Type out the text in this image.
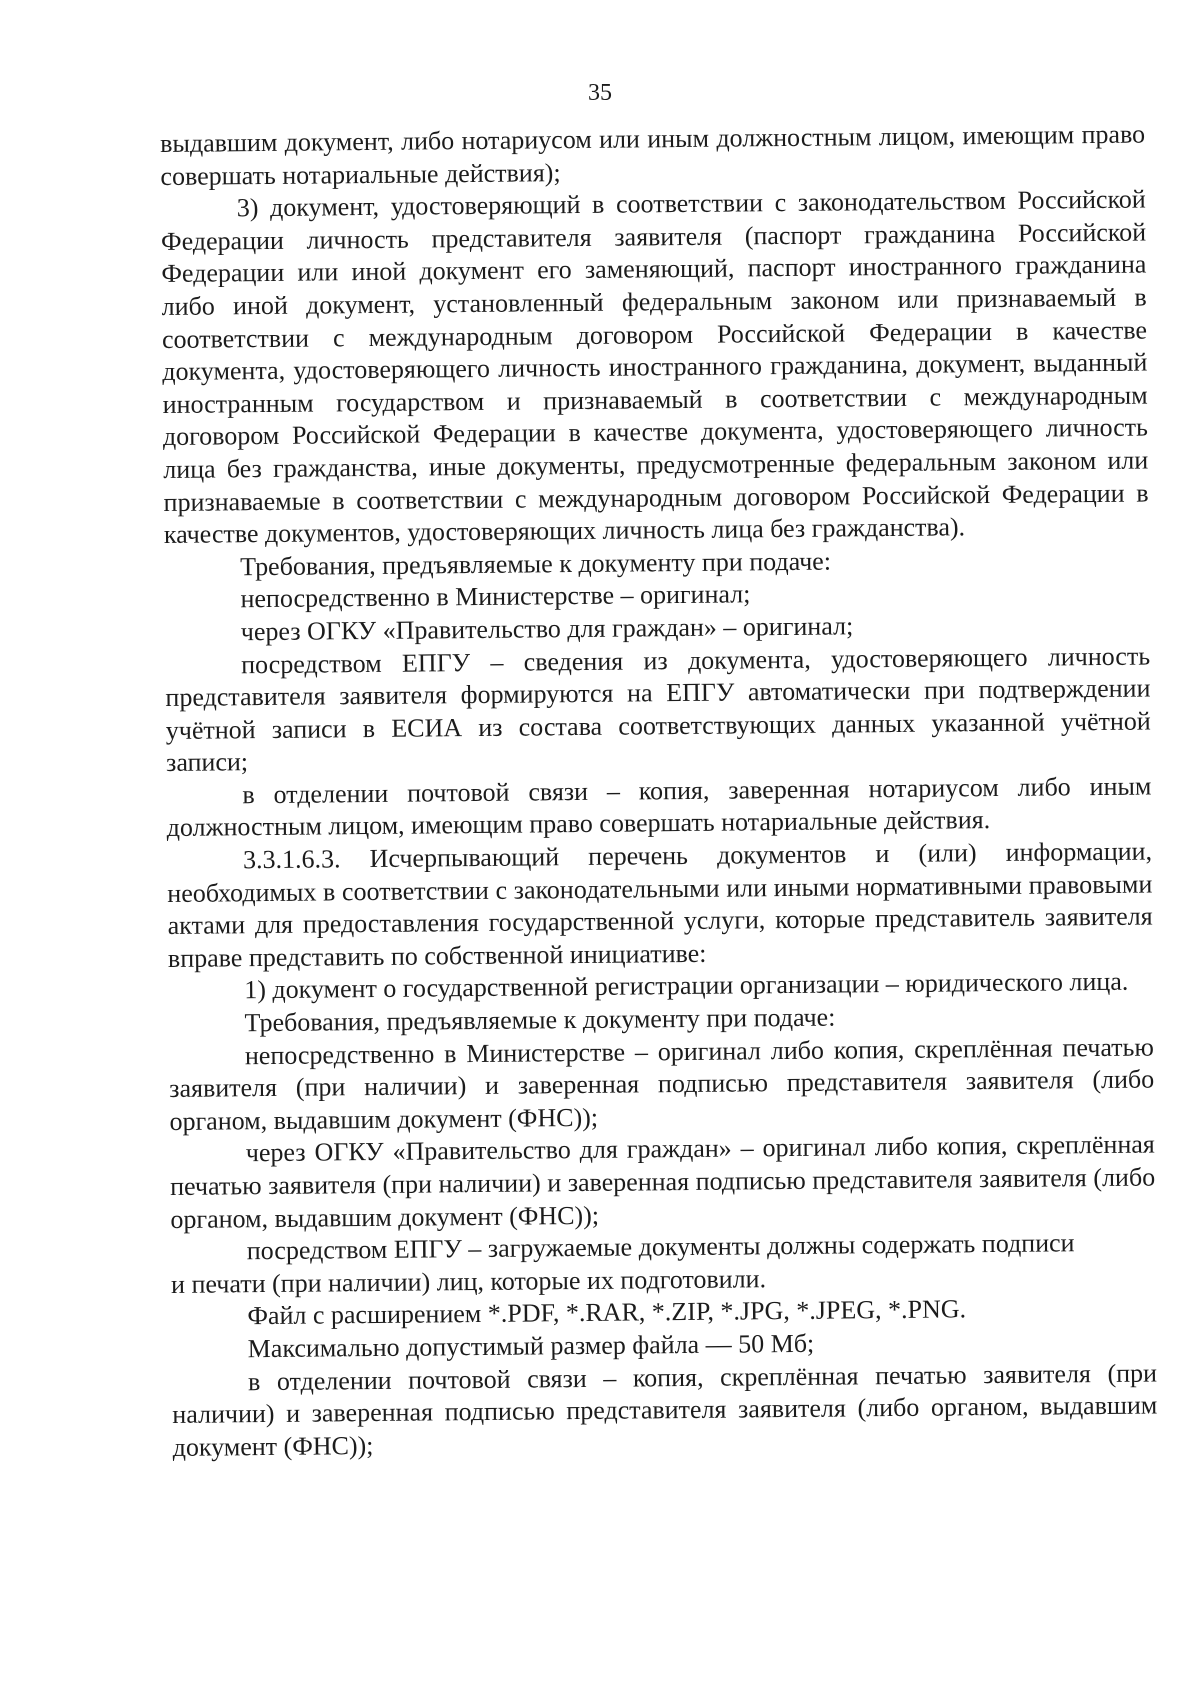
35

выдавшим документ, либо нотариусом или иным должностным лицом, имеющим право совершать нотариальные действия);

3) документ, удостоверяющий в соответствии с законодательством Российской Федерации личность представителя заявителя (паспорт гражданина Российской Федерации или иной документ его заменяющий, паспорт иностранного гражданина либо иной документ, установленный федеральным законом или признаваемый в соответствии с международным договором Российской Федерации в качестве документа, удостоверяющего личность иностранного гражданина, документ, выданный иностранным государством и признаваемый в соответствии с международным договором Российской Федерации в качестве документа, удостоверяющего личность лица без гражданства, иные документы, предусмотренные федеральным законом или признаваемые в соответствии с международным договором Российской Федерации в качестве документов, удостоверяющих личность лица без гражданства).

Требования, предъявляемые к документу при подаче:

непосредственно в Министерстве – оригинал;

через ОГКУ «Правительство для граждан» – оригинал;

посредством ЕПГУ – сведения из документа, удостоверяющего личность представителя заявителя формируются на ЕПГУ автоматически при подтверждении учётной записи в ЕСИА из состава соответствующих данных указанной учётной записи;

в отделении почтовой связи – копия, заверенная нотариусом либо иным должностным лицом, имеющим право совершать нотариальные действия.

3.3.1.6.3. Исчерпывающий перечень документов и (или) информации, необходимых в соответствии с законодательными или иными нормативными правовыми актами для предоставления государственной услуги, которые представитель заявителя вправе представить по собственной инициативе:

1) документ о государственной регистрации организации – юридического лица.

Требования, предъявляемые к документу при подаче:

непосредственно в Министерстве – оригинал либо копия, скреплённая печатью заявителя (при наличии) и заверенная подписью представителя заявителя (либо органом, выдавшим документ (ФНС));

через ОГКУ «Правительство для граждан» – оригинал либо копия, скреплённая печатью заявителя (при наличии) и заверенная подписью представителя заявителя (либо органом, выдавшим документ (ФНС));

посредством ЕПГУ – загружаемые документы должны содержать подписи

и печати (при наличии) лиц, которые их подготовили.

Файл с расширением *.PDF, *.RAR, *.ZIP, *.JPG, *.JPEG, *.PNG.

Максимально допустимый размер файла — 50 Мб;

в отделении почтовой связи – копия, скреплённая печатью заявителя (при наличии) и заверенная подписью представителя заявителя (либо органом, выдавшим документ (ФНС));
